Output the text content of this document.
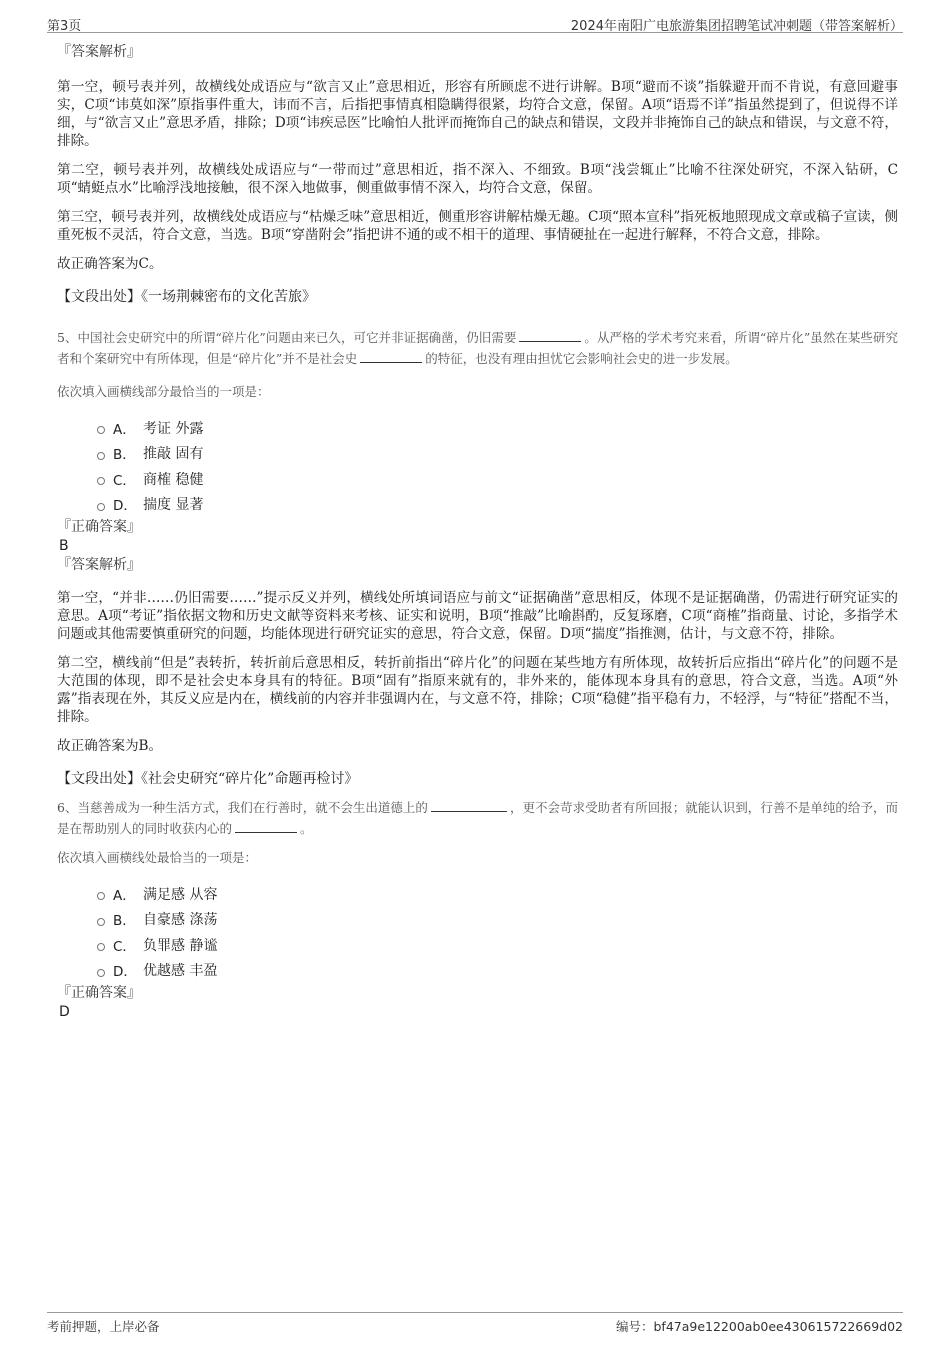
第3页	2024年南阳广电旅游集团招聘笔试冲刺题（带答案解析）
『答案解析』

第一空，顿号表并列，故横线处成语应与“欲言又止”意思相近，形容有所顾虑不进行讲解。B项“避而不谈”指躲避开而不肯说，有意回避事实，C项“讳莫如深”原指事件重大，讳而不言，后指把事情真相隐瞒得很紧，均符合文意，保留。A项“语焉不详”指虽然提到了，但说得不详细，与“欲言又止”意思矛盾，排除；D项“讳疾忌医”比喻怕人批评而掩饰自己的缺点和错误，文段并非掩饰自己的缺点和错误，与文意不符，排除。

第二空，顿号表并列，故横线处成语应与“一带而过”意思相近，指不深入、不细致。B项“浅尝辄止”比喻不往深处研究，不深入钻研，C项“蜻蜓点水”比喻浮浅地接触，很不深入地做事，侧重做事情不深入，均符合文意，保留。

第三空，顿号表并列，故横线处成语应与“枯燥乏味”意思相近，侧重形容讲解枯燥无趣。C项“照本宣科”指死板地照现成文章或稿子宣读，侧重死板不灵活，符合文意，当选。B项“穿凿附会”指把讲不通的或不相干的道理、事情硬扯在一起进行解释，不符合文意，排除。

故正确答案为C。

【文段出处】《一场荆棘密布的文化苦旅》

5、中国社会史研究中的所谓“碎片化”问题由来已久，可它并非证据确凿，仍旧需要	。从严格的学术考究来看，所谓“碎片化”虽然在某些研究者和个案研究中有所体现，但是“碎片化”并不是社会史	的特征，也没有理由担忧它会影响社会史的进一步发展。

依次填入画横线部分最恰当的一项是：
A． 考证 外露
B． 推敲 固有
C． 商榷 稳健
D． 揣度 显著
『正确答案』
B
『答案解析』

第一空，“并非……仍旧需要……”提示反义并列，横线处所填词语应与前文“证据确凿”意思相反，体现不是证据确凿，仍需进行研究证实的意思。A项“考证”指依据文物和历史文献等资料来考核、证实和说明，B项“推敲”比喻斟酌，反复琢磨，C项“商榷”指商量、讨论，多指学术问题或其他需要慎重研究的问题，均能体现进行研究证实的意思，符合文意，保留。D项“揣度”指推测，估计，与文意不符，排除。

第二空，横线前“但是”表转折，转折前后意思相反，转折前指出“碎片化”的问题在某些地方有所体现，故转折后应指出“碎片化”的问题不是大范围的体现，即不是社会史本身具有的特征。B项“固有”指原来就有的，非外来的，能体现本身具有的意思，符合文意，当选。A项“外露”指表现在外，其反义应是内在，横线前的内容并非强调内在，与文意不符，排除；C项“稳健”指平稳有力，不轻浮，与“特征”搭配不当，排除。

故正确答案为B。

【文段出处】《社会史研究“碎片化”命题再检讨》

6、当慈善成为一种生活方式，我们在行善时，就不会生出道德上的	，更不会苛求受助者有所回报；就能认识到，行善不是单纯的给予，而是在帮助别人的同时收获内心的	。

依次填入画横线处最恰当的一项是：
A． 满足感 从容
B． 自豪感 涤荡
C． 负罪感 静谧
D． 优越感 丰盈
『正确答案』
D
考前押题，上岸必备	编号：bf47a9e12200ab0ee430615722669d02
